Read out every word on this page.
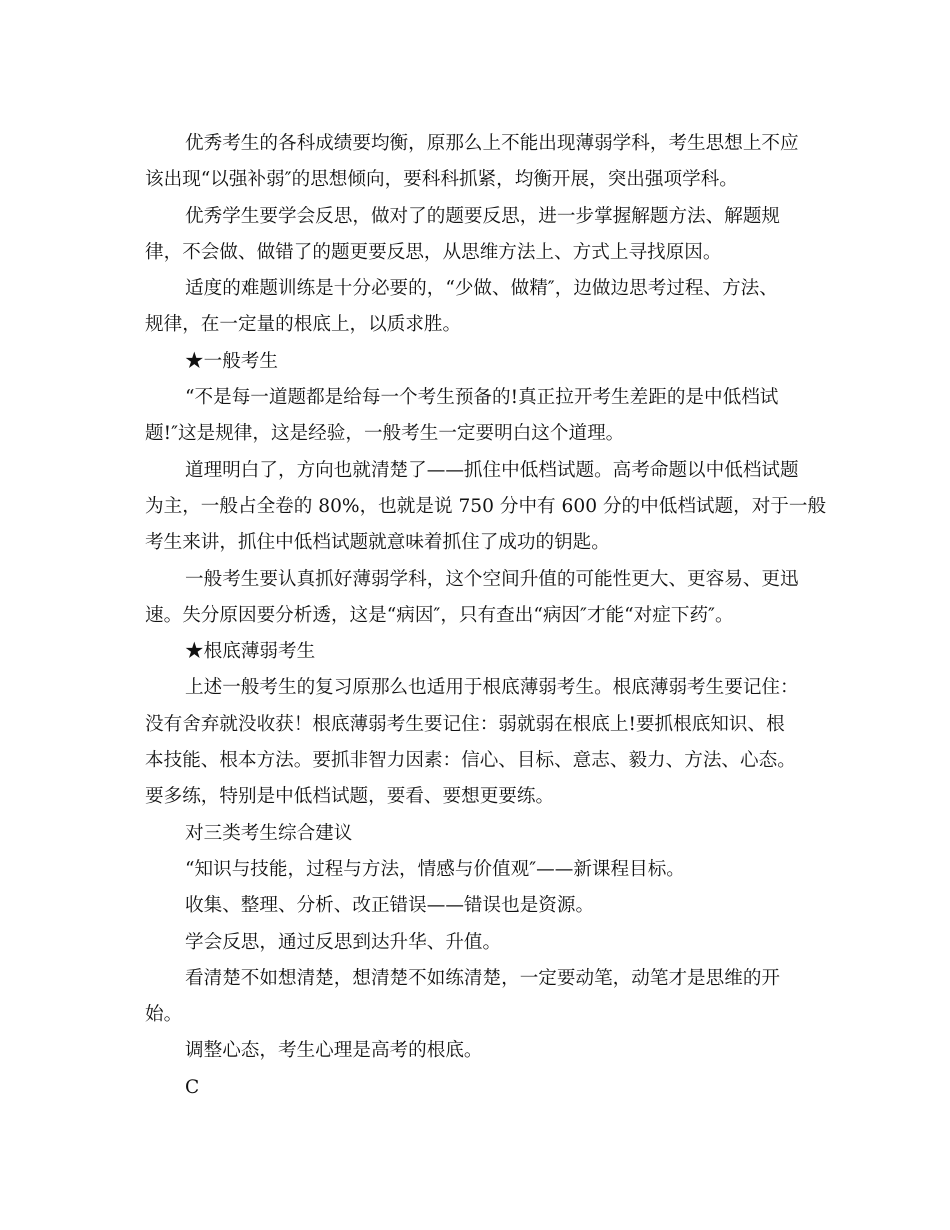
优秀考生的各科成绩要均衡，原那么上不能出现薄弱学科，考生思想上不应
该出现“以强补弱″的思想倾向，要科科抓紧，均衡开展，突出强项学科。

优秀学生要学会反思，做对了的题要反思，进一步掌握解题方法、解题规
律，不会做、做错了的题更要反思，从思维方法上、方式上寻找原因。

适度的难题训练是十分必要的，“少做、做精″，边做边思考过程、方法、
规律，在一定量的根底上，以质求胜。

★一般考生

“不是每一道题都是给每一个考生预备的!真正拉开考生差距的是中低档试
题!″这是规律，这是经验，一般考生一定要明白这个道理。

道理明白了，方向也就清楚了——抓住中低档试题。高考命题以中低档试题
为主，一般占全卷的 80%，也就是说 750 分中有 600 分的中低档试题，对于一般
考生来讲，抓住中低档试题就意味着抓住了成功的钥匙。

一般考生要认真抓好薄弱学科，这个空间升值的可能性更大、更容易、更迅
速。失分原因要分析透，这是“病因″，只有查出“病因″才能“对症下药″。

★根底薄弱考生

上述一般考生的复习原那么也适用于根底薄弱考生。根底薄弱考生要记住：
没有舍弃就没收获！根底薄弱考生要记住：弱就弱在根底上!要抓根底知识、根
本技能、根本方法。要抓非智力因素：信心、目标、意志、毅力、方法、心态。
要多练，特别是中低档试题，要看、要想更要练。

对三类考生综合建议

“知识与技能，过程与方法，情感与价值观″——新课程目标。

收集、整理、分析、改正错误——错误也是资源。

学会反思，通过反思到达升华、升值。

看清楚不如想清楚，想清楚不如练清楚，一定要动笔，动笔才是思维的开
始。

调整心态，考生心理是高考的根底。

C
